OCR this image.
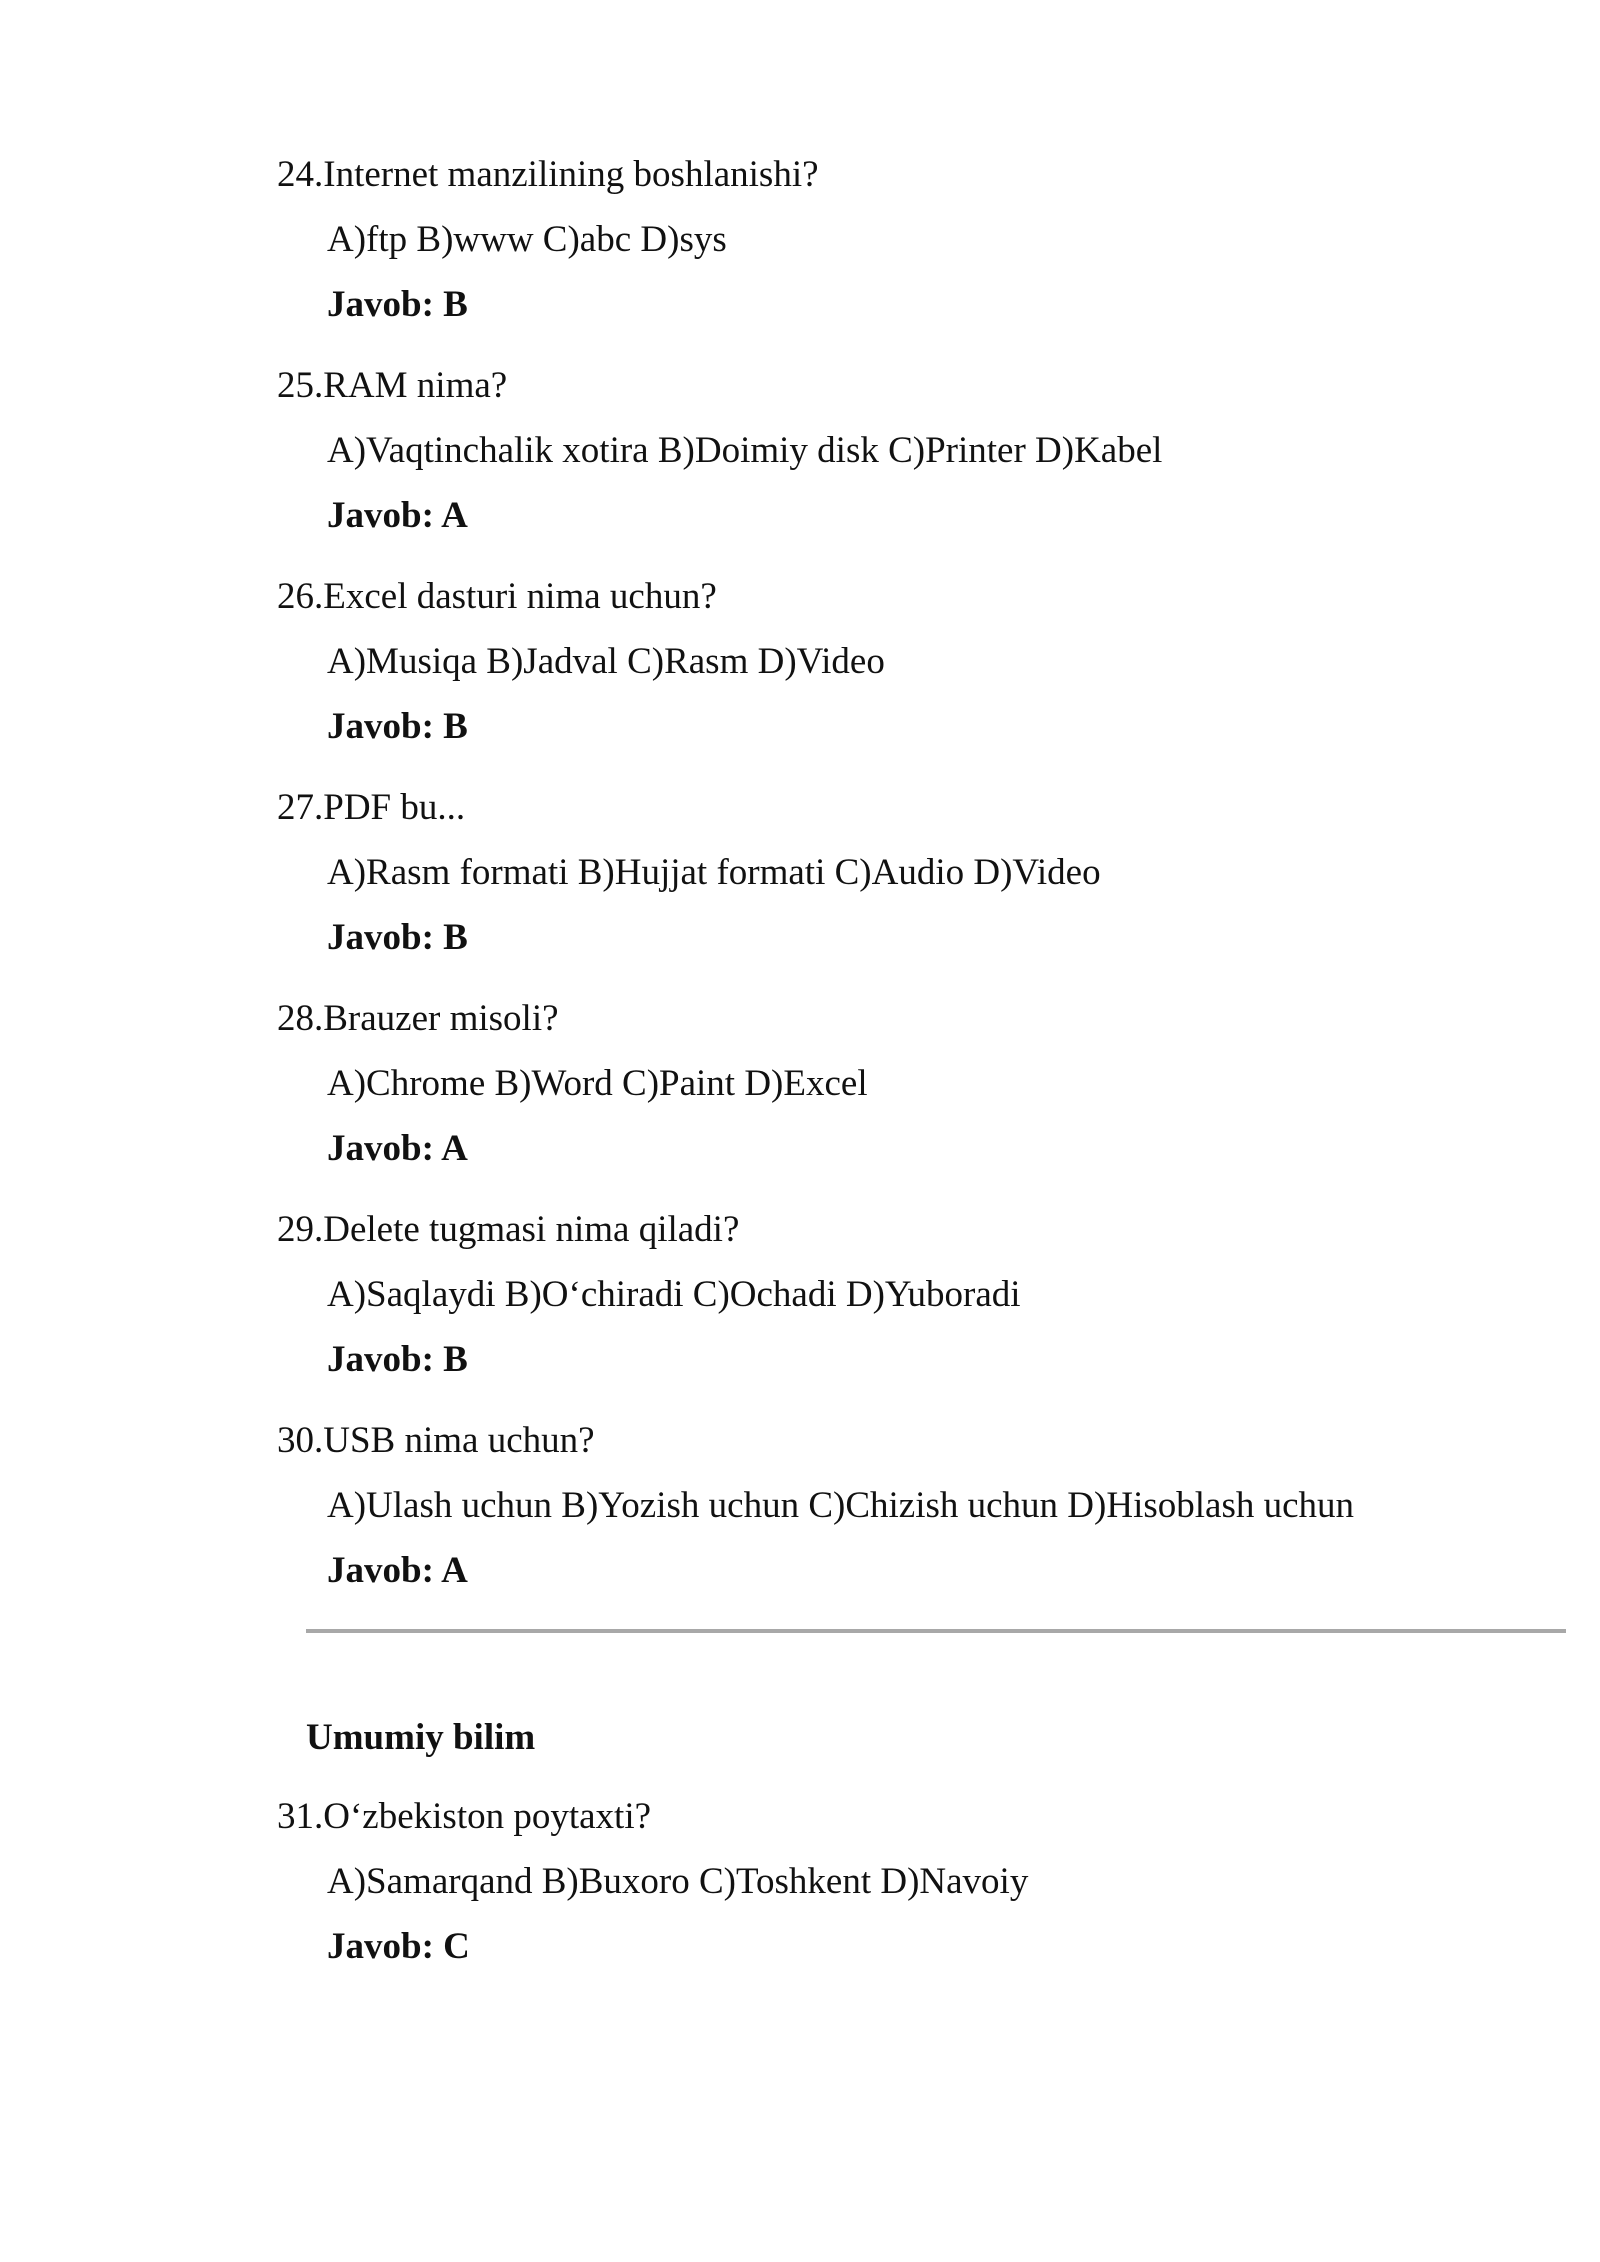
24.Internet manzilining boshlanishi?
A)ftp B)www C)abc D)sys
Javob: B
25.RAM nima?
A)Vaqtinchalik xotira B)Doimiy disk C)Printer D)Kabel
Javob: A
26.Excel dasturi nima uchun?
A)Musiqa B)Jadval C)Rasm D)Video
Javob: B
27.PDF bu...
A)Rasm formati B)Hujjat formati C)Audio D)Video
Javob: B
28.Brauzer misoli?
A)Chrome B)Word C)Paint D)Excel
Javob: A
29.Delete tugmasi nima qiladi?
A)Saqlaydi B)O‘chiradi C)Ochadi D)Yuboradi
Javob: B
30.USB nima uchun?
A)Ulash uchun B)Yozish uchun C)Chizish uchun D)Hisoblash uchun
Javob: A
Umumiy bilim
31.O‘zbekiston poytaxti?
A)Samarqand B)Buxoro C)Toshkent D)Navoiy
Javob: C
